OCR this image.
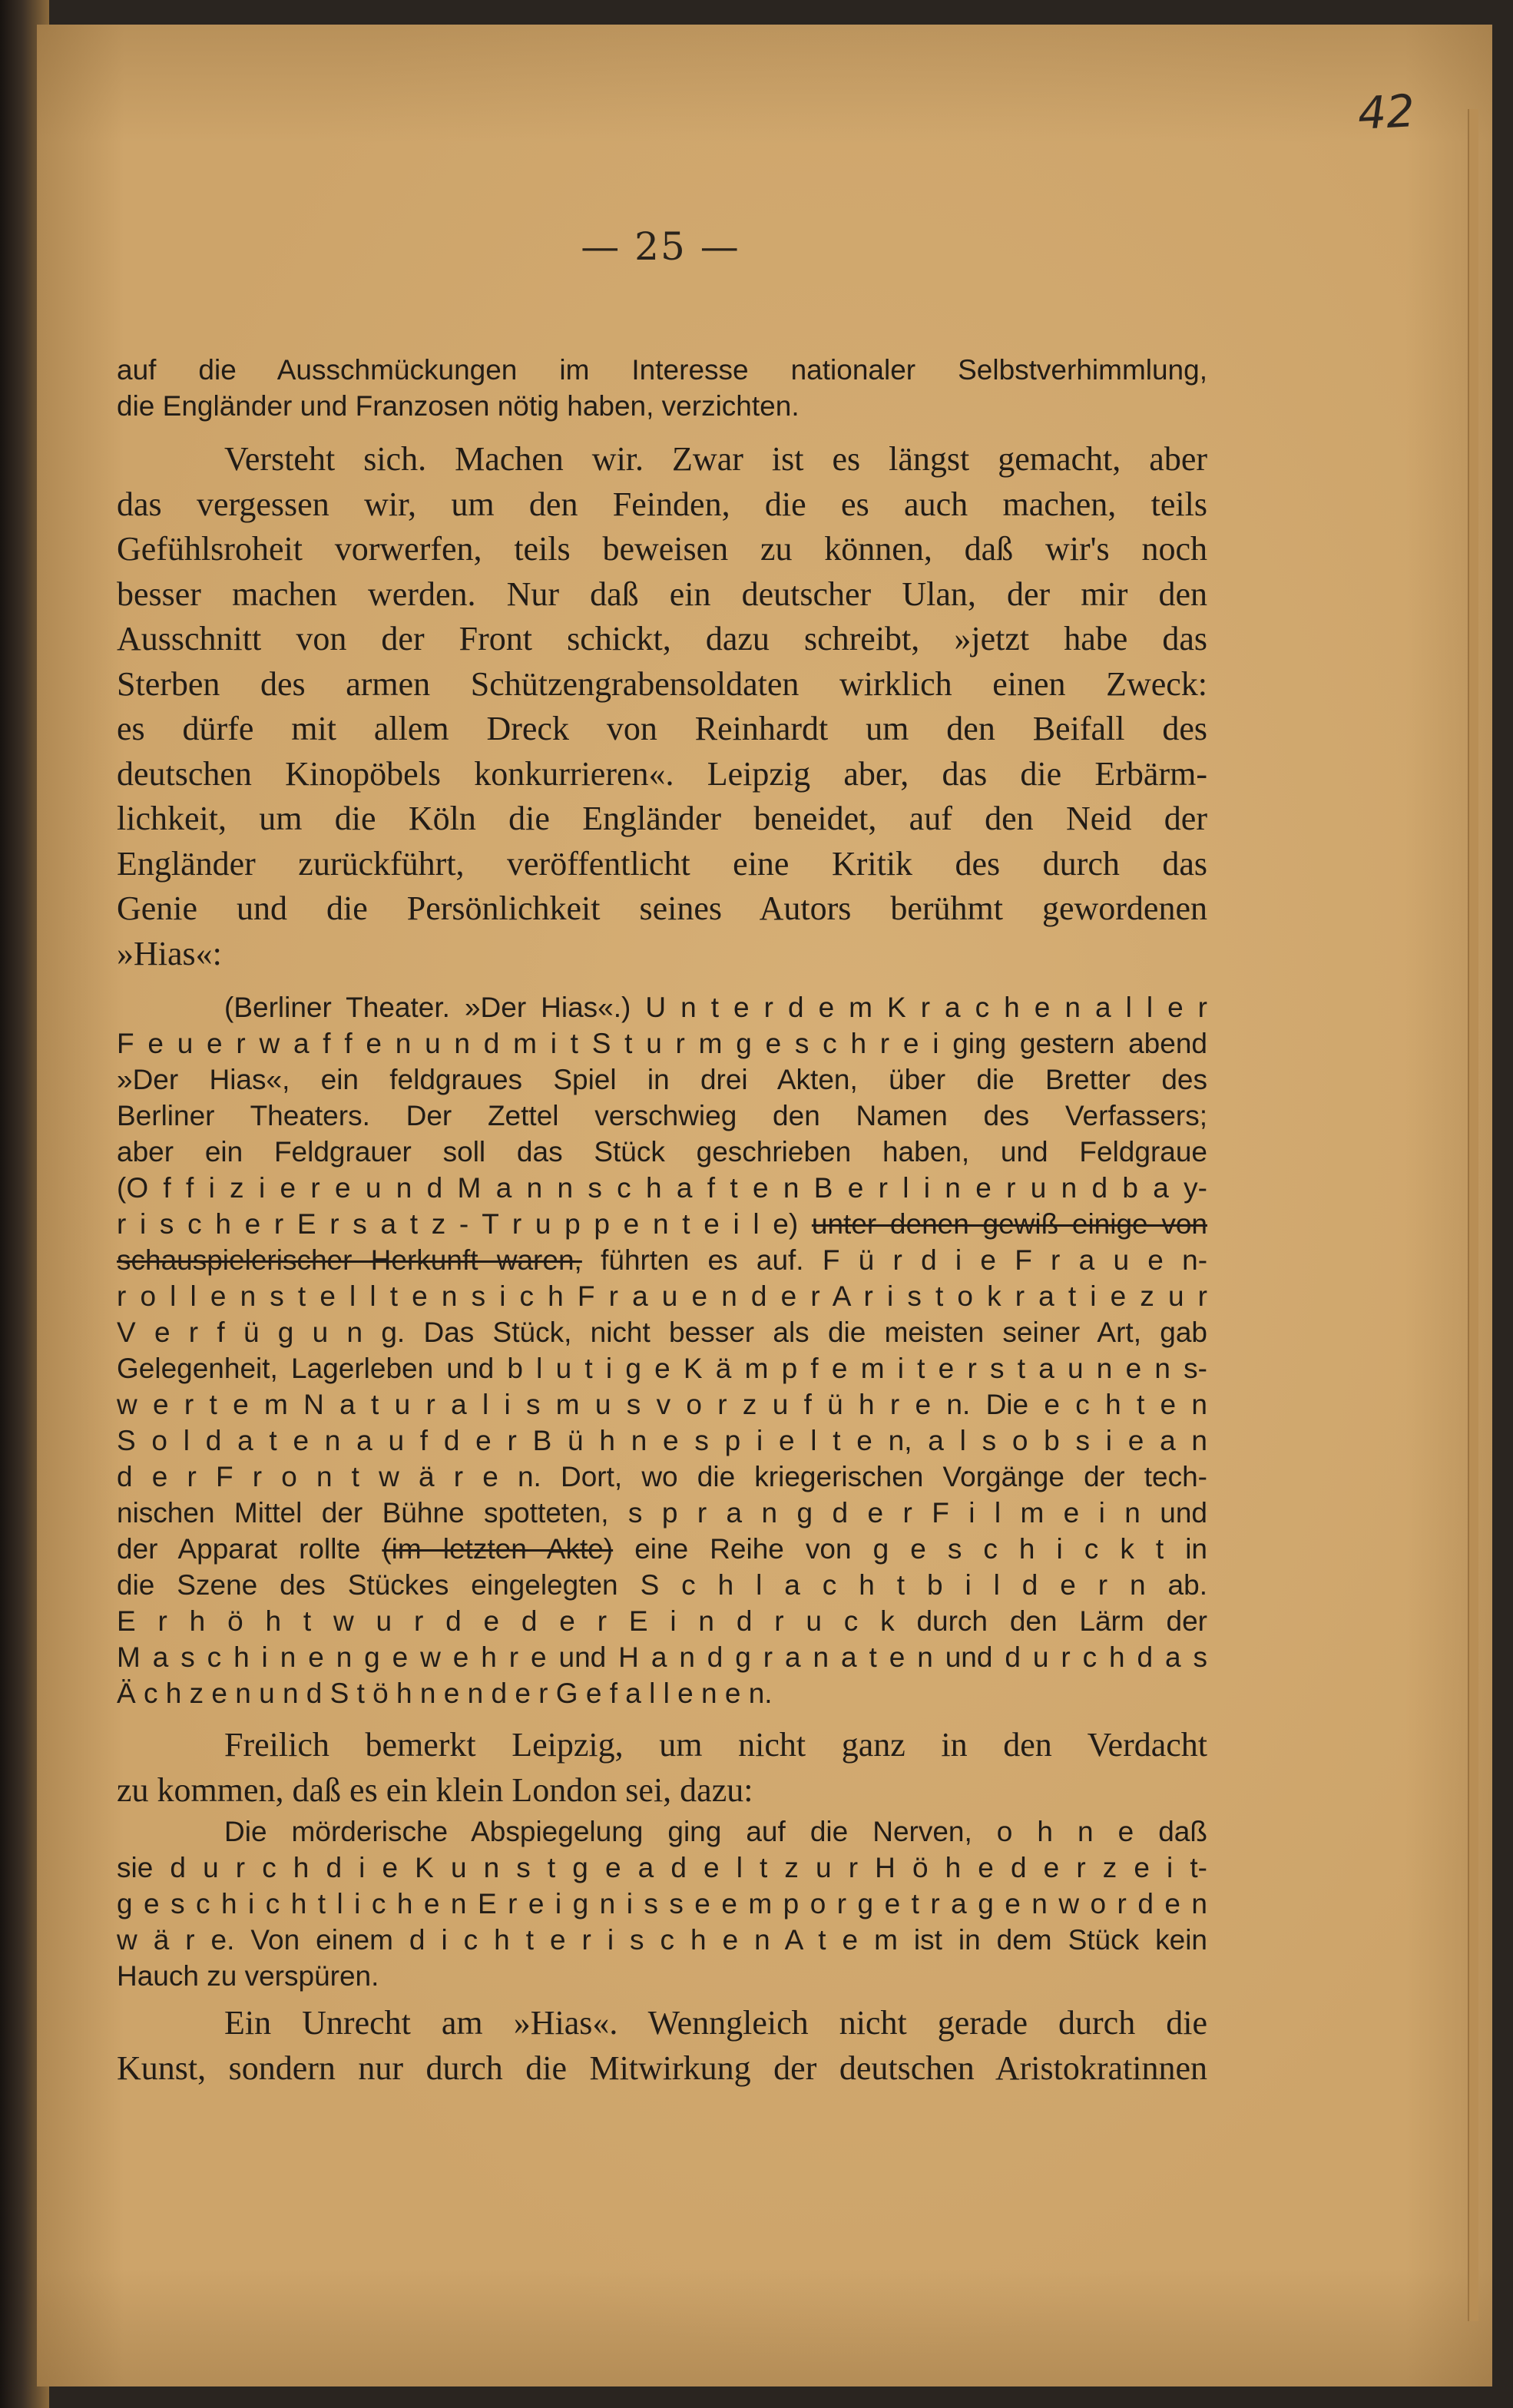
42
— 25 —
auf die Ausschmückungen im Interesse nationaler Selbstverhimmlung,
die Engländer und Franzosen nötig haben, verzichten.
Versteht sich. Machen wir. Zwar ist es längst gemacht, aber
das vergessen wir, um den Feinden, die es auch machen, teils
Gefühlsroheit vorwerfen, teils beweisen zu können, daß wir's noch
besser machen werden. Nur daß ein deutscher Ulan, der mir den
Ausschnitt von der Front schickt, dazu schreibt, »jetzt habe das
Sterben des armen Schützengrabensoldaten wirklich einen Zweck:
es dürfe mit allem Dreck von Reinhardt um den Beifall des
deutschen Kinopöbels konkurrieren«. Leipzig aber, das die Erbärm-
lichkeit, um die Köln die Engländer beneidet, auf den Neid der
Engländer zurückführt, veröffentlicht eine Kritik des durch das
Genie und die Persönlichkeit seines Autors berühmt gewordenen
»Hias«:
(Berliner Theater. »Der Hias«.) U n t e r d e m K r a c h e n a l l e r
F e u e r w a f f e n u n d m i t S t u r m g e s c h r e i ging gestern abend
»Der Hias«, ein feldgraues Spiel in drei Akten, über die Bretter des
Berliner Theaters. Der Zettel verschwieg den Namen des Verfassers;
aber ein Feldgrauer soll das Stück geschrieben haben, und Feldgraue
(O f f i z i e r e u n d M a n n s c h a f t e n B e r l i n e r u n d b a y-
r i s c h e r E r s a t z - T r u p p e n t e i l e) unter denen gewiß einige von
schauspielerischer Herkunft waren, führten es auf. F ü r d i e F r a u e n-
r o l l e n s t e l l t e n s i c h F r a u e n d e r A r i s t o k r a t i e z u r
V e r f ü g u n g. Das Stück, nicht besser als die meisten seiner Art, gab
Gelegenheit, Lagerleben und b l u t i g e K ä m p f e m i t e r s t a u n e n s-
w e r t e m N a t u r a l i s m u s v o r z u f ü h r e n. Die e c h t e n
S o l d a t e n a u f d e r B ü h n e s p i e l t e n, a l s o b s i e a n
d e r F r o n t w ä r e n. Dort, wo die kriegerischen Vorgänge der tech-
nischen Mittel der Bühne spotteten, s p r a n g d e r F i l m e i n und
der Apparat rollte (im letzten Akte) eine Reihe von g e s c h i c k t in
die Szene des Stückes eingelegten S c h l a c h t b i l d e r n ab.
E r h ö h t w u r d e d e r E i n d r u c k durch den Lärm der
M a s c h i n e n g e w e h r e und H a n d g r a n a t e n und d u r c h d a s
Ä c h z e n u n d S t ö h n e n d e r G e f a l l e n e n.
Freilich bemerkt Leipzig, um nicht ganz in den Verdacht
zu kommen, daß es ein klein London sei, dazu:
Die mörderische Abspiegelung ging auf die Nerven, o h n e daß
sie d u r c h d i e K u n s t g e a d e l t z u r H ö h e d e r z e i t-
g e s c h i c h t l i c h e n E r e i g n i s s e e m p o r g e t r a g e n w o r d e n
w ä r e. Von einem d i c h t e r i s c h e n A t e m ist in dem Stück kein
Hauch zu verspüren.
Ein Unrecht am »Hias«. Wenngleich nicht gerade durch die
Kunst, sondern nur durch die Mitwirkung der deutschen Aristokratinnen
